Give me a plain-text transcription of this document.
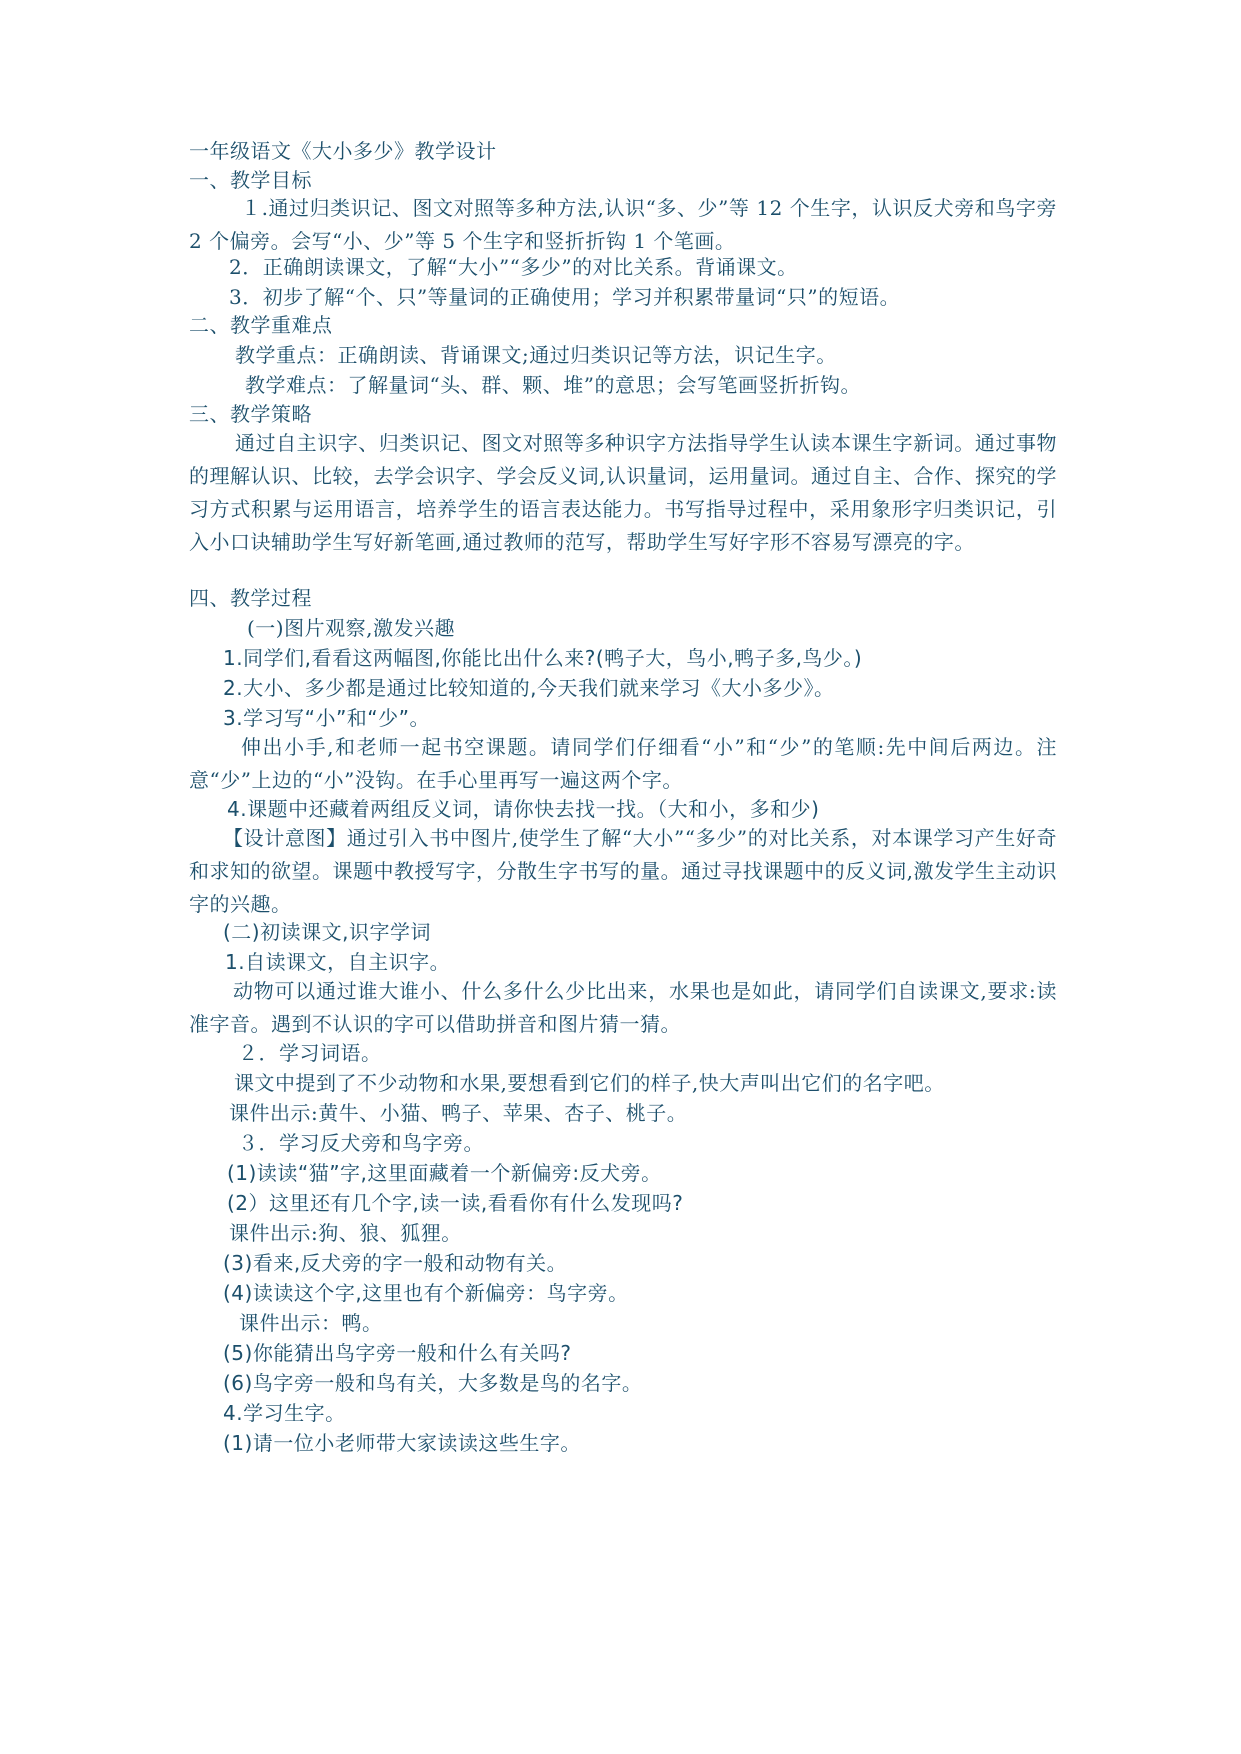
一年级语文《大小多少》教学设计
一、教学目标
１.通过归类识记、图文对照等多种方法,认识“多、少”等 12 个生字，认识反犬旁和鸟字旁 2 个偏旁。会写“小、少”等 5 个生字和竖折折钩 1 个笔画。
2．正确朗读课文，了解“大小”“多少”的对比关系。背诵课文。
3．初步了解“个、只”等量词的正确使用；学习并积累带量词“只”的短语。
二、教学重难点
教学重点：正确朗读、背诵课文;通过归类识记等方法，识记生字。
教学难点：了解量词“头、群、颗、堆”的意思；会写笔画竖折折钩。
三、教学策略
通过自主识字、归类识记、图文对照等多种识字方法指导学生认读本课生字新词。通过事物的理解认识、比较，去学会识字、学会反义词,认识量词，运用量词。通过自主、合作、探究的学习方式积累与运用语言，培养学生的语言表达能力。书写指导过程中，采用象形字归类识记，引入小口诀辅助学生写好新笔画,通过教师的范写，帮助学生写好字形不容易写漂亮的字。
四、教学过程
(一)图片观察,激发兴趣
1.同学们,看看这两幅图,你能比出什么来?(鸭子大，鸟小,鸭子多,鸟少。)
2.大小、多少都是通过比较知道的,今天我们就来学习《大小多少》。
3.学习写“小”和“少”。
伸出小手,和老师一起书空课题。请同学们仔细看“小”和“少”的笔顺:先中间后两边。注意“少”上边的“小”没钩。在手心里再写一遍这两个字。
4.课题中还藏着两组反义词，请你快去找一找。（大和小，多和少)
【设计意图】通过引入书中图片,使学生了解“大小”“多少”的对比关系，对本课学习产生好奇和求知的欲望。课题中教授写字，分散生字书写的量。通过寻找课题中的反义词,激发学生主动识字的兴趣。
(二)初读课文,识字学词
1.自读课文，自主识字。
动物可以通过谁大谁小、什么多什么少比出来，水果也是如此，请同学们自读课文,要求:读准字音。遇到不认识的字可以借助拼音和图片猜一猜。
２．学习词语。
课文中提到了不少动物和水果,要想看到它们的样子,快大声叫出它们的名字吧。
课件出示:黄牛、小猫、鸭子、苹果、杏子、桃子。
３．学习反犬旁和鸟字旁。
(1)读读“猫”字,这里面藏着一个新偏旁:反犬旁。
(2）这里还有几个字,读一读,看看你有什么发现吗?
课件出示:狗、狼、狐狸。
(3)看来,反犬旁的字一般和动物有关。
(4)读读这个字,这里也有个新偏旁：鸟字旁。
课件出示：鸭。
(5)你能猜出鸟字旁一般和什么有关吗?
(6)鸟字旁一般和鸟有关，大多数是鸟的名字。
4.学习生字。
(1)请一位小老师带大家读读这些生字。
